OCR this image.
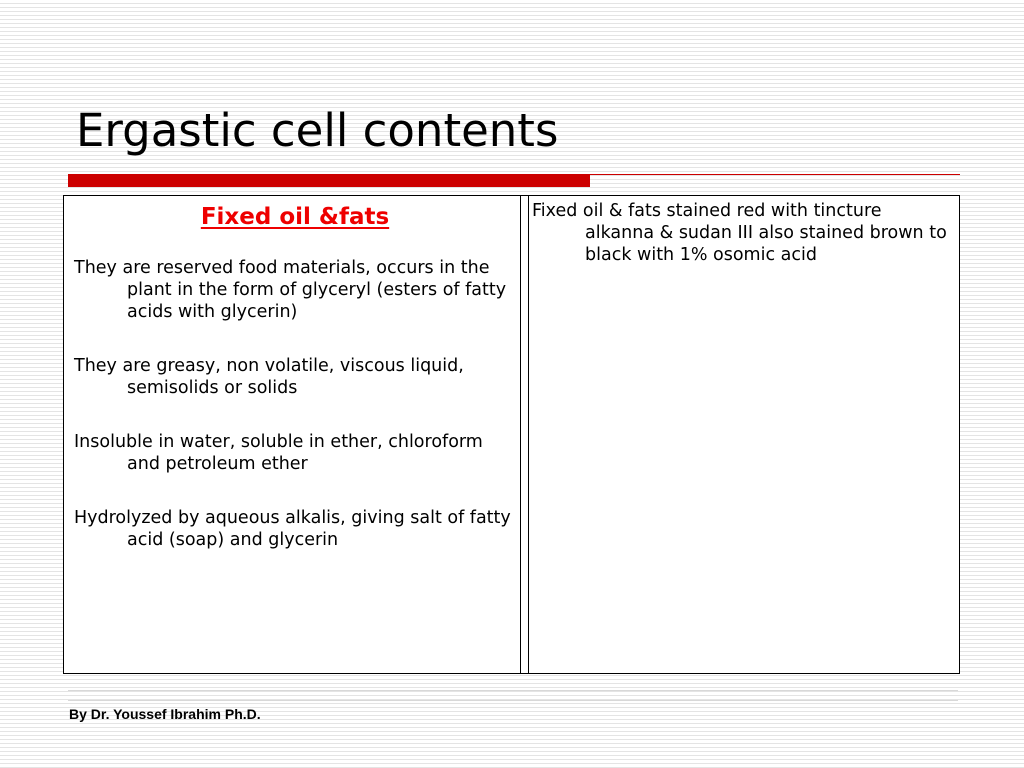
Ergastic cell contents
Fixed oil &fats

They are reserved food materials, occurs in the plant in the form of glyceryl (esters of fatty acids with glycerin)

They are greasy, non volatile, viscous liquid, semisolids or solids

Insoluble in water, soluble in ether, chloroform and petroleum ether

Hydrolyzed by aqueous alkalis, giving salt of fatty acid (soap) and glycerin

Fixed oil & fats stained red with tincture alkanna & sudan III also stained brown to black with 1% osomic acid

By Dr. Youssef Ibrahim Ph.D.
